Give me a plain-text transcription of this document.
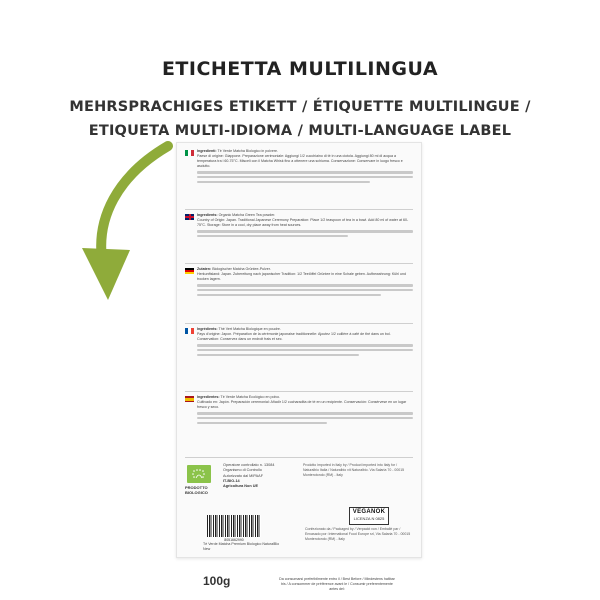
ETICHETTA MULTILINGUA
MEHRSPRACHIGES ETIKETT / ÉTIQUETTE MULTILINGUE /
ETIQUETA MULTI-IDIOMA / MULTI-LANGUAGE LABEL
Ingredienti: Tè Verde Matcha Biologico in polvere.
Paese di origine: Giappone. Preparazione cerimoniale: Aggiungi 1/2 cucchiaino di tè in una ciotola. Aggiungi 80 ml di acqua a temperatura tra i 60-75°C. Misceli con il Matcha Whisk fino a ottenere una schiuma. Conservazione: Conservare in luogo fresco e asciutto.
Ingredients: Organic Matcha Green Tea powder.
Country of Origin: Japan. Traditional Japanese Ceremony Preparation: Place 1/2 teaspoon of tea in a bowl. Add 80 ml of water at 60-75°C. Storage: Store in a cool, dry place away from heat sources.
Zutaten: Biologischer Matcha Grüntee-Pulver.
Herkunftsland: Japan. Zubereitung nach japanischer Tradition: 1/2 Teelöffel Grüntee in eine Schale geben. Aufbewahrung: Kühl und trocken lagern.
Ingrédients: Thé Vert Matcha Biologique en poudre.
Pays d'origine: Japon. Préparation de la cérémonie japonaise traditionnelle: Ajoutez 1/2 cuillère à café de thé dans un bol. Conservation: Conservez dans un endroit frais et sec.
Ingredientes: Té Verde Matcha Ecológico en polvo.
Cultivado en: Japón. Preparación ceremonial: Añadir 1/2 cucharadita de té en un recipiente. Conservación: Consérvese en un lugar fresco y seco.
PRODOTTO BIOLOGICO
Operatore controllato n. 13084
Organismo di Controllo
Autorizzato dal MIPAAF
IT-BIO-14
Agricoltura Non UE
Prodotto imported in Italy by / Product imported into Italy for / Naturalbio Italia / Naturalbio vit Naturalbio. Via Salaria 70 - 00015 Monterotondo (RM) - Italy
8051662990
Tè Verde Matcha Premium Biologico NaturalBio New
VEGANOK
LICENZA N 0825
Confezionato da / Packaged by / Verpackt von / Emballé par / Envasado por: International Food Europe srl, Via Salaria 70 - 00015 Monterotondo (RM) - Italy
100g	Da consumarsi preferibilmente entro il / Best Before / Mindestens haltbar bis / A consommer de préférence avant le / Consumir preferentemente antes del:
